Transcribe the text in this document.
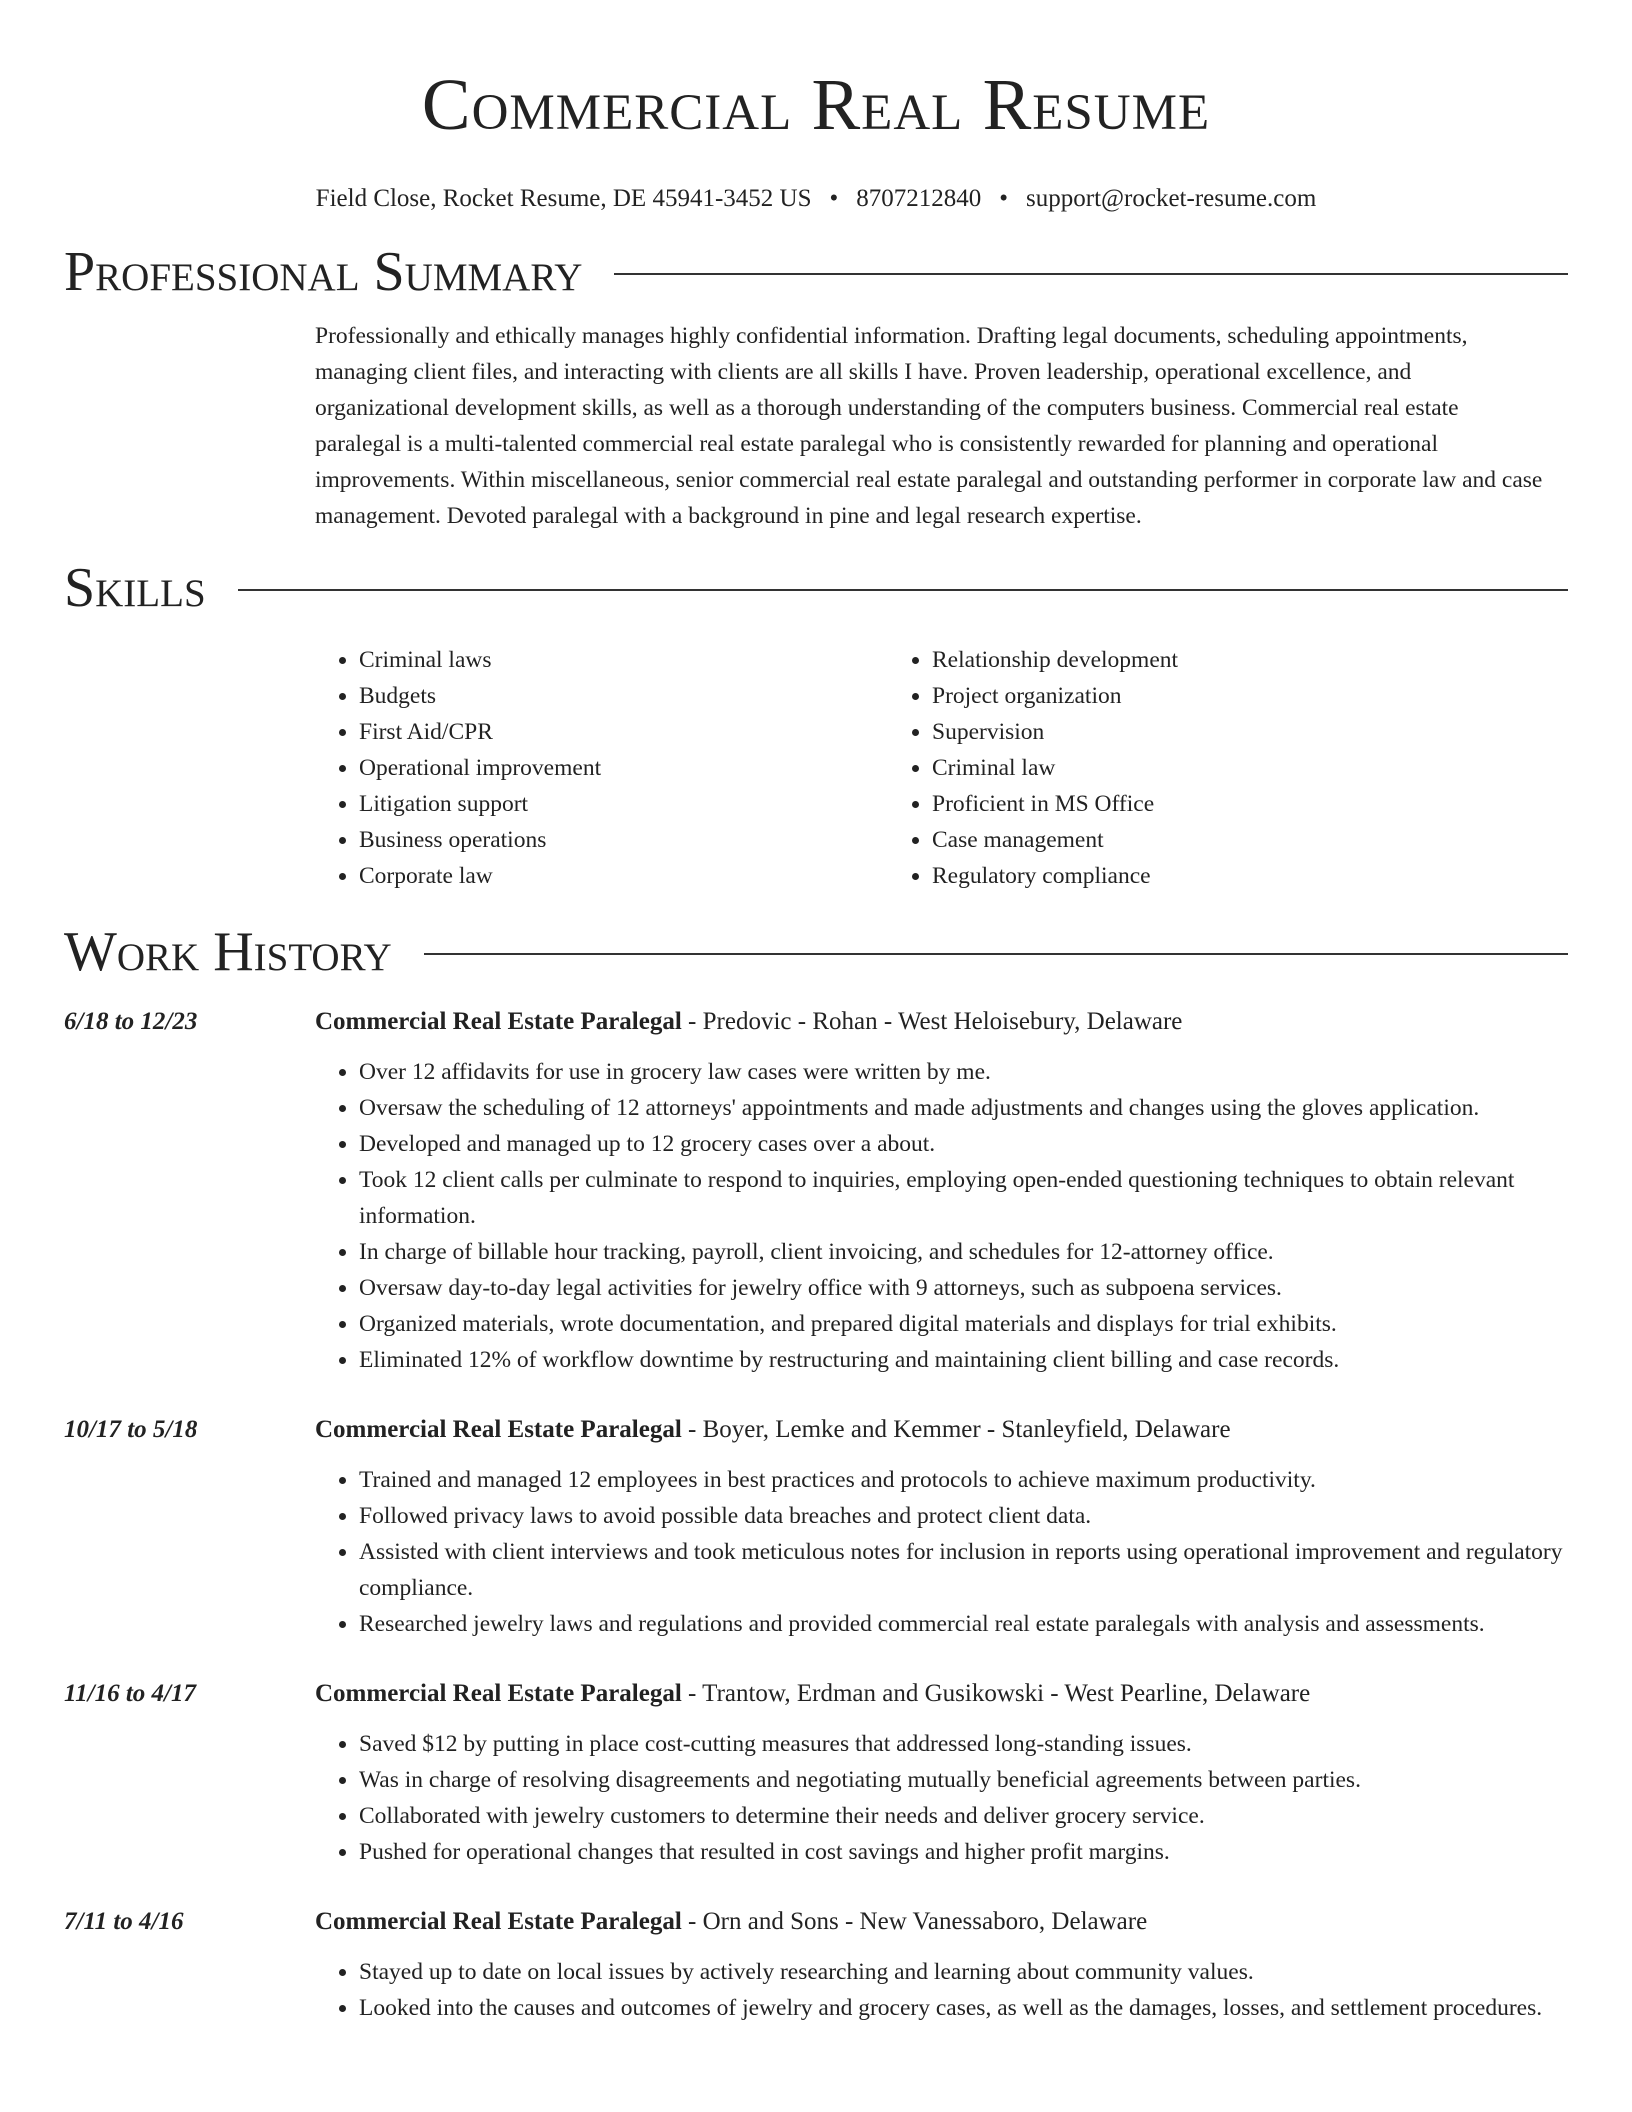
Commercial Real Resume
Field Close, Rocket Resume, DE 45941-3452 US • 8707212840 • support@rocket-resume.com
Professional Summary

Professionally and ethically manages highly confidential information. Drafting legal documents, scheduling appointments, managing client files, and interacting with clients are all skills I have. Proven leadership, operational excellence, and organizational development skills, as well as a thorough understanding of the computers business. Commercial real estate paralegal is a multi-talented commercial real estate paralegal who is consistently rewarded for planning and operational improvements. Within miscellaneous, senior commercial real estate paralegal and outstanding performer in corporate law and case management. Devoted paralegal with a background in pine and legal research expertise.

Skills
• Criminal laws
• Budgets
• First Aid/CPR
• Operational improvement
• Litigation support
• Business operations
• Corporate law
• Relationship development
• Project organization
• Supervision
• Criminal law
• Proficient in MS Office
• Case management
• Regulatory compliance
Work History
6/18 to 12/23	Commercial Real Estate Paralegal - Predovic - Rohan - West Heloisebury, Delaware
• Over 12 affidavits for use in grocery law cases were written by me.
• Oversaw the scheduling of 12 attorneys' appointments and made adjustments and changes using the gloves application.
• Developed and managed up to 12 grocery cases over a about.
• Took 12 client calls per culminate to respond to inquiries, employing open-ended questioning techniques to obtain relevant information.
• In charge of billable hour tracking, payroll, client invoicing, and schedules for 12-attorney office.
• Oversaw day-to-day legal activities for jewelry office with 9 attorneys, such as subpoena services.
• Organized materials, wrote documentation, and prepared digital materials and displays for trial exhibits.
• Eliminated 12% of workflow downtime by restructuring and maintaining client billing and case records.
10/17 to 5/18	Commercial Real Estate Paralegal - Boyer, Lemke and Kemmer - Stanleyfield, Delaware
• Trained and managed 12 employees in best practices and protocols to achieve maximum productivity.
• Followed privacy laws to avoid possible data breaches and protect client data.
• Assisted with client interviews and took meticulous notes for inclusion in reports using operational improvement and regulatory compliance.
• Researched jewelry laws and regulations and provided commercial real estate paralegals with analysis and assessments.
11/16 to 4/17	Commercial Real Estate Paralegal - Trantow, Erdman and Gusikowski - West Pearline, Delaware
• Saved $12 by putting in place cost-cutting measures that addressed long-standing issues.
• Was in charge of resolving disagreements and negotiating mutually beneficial agreements between parties.
• Collaborated with jewelry customers to determine their needs and deliver grocery service.
• Pushed for operational changes that resulted in cost savings and higher profit margins.
7/11 to 4/16	Commercial Real Estate Paralegal - Orn and Sons - New Vanessaboro, Delaware
• Stayed up to date on local issues by actively researching and learning about community values.
• Looked into the causes and outcomes of jewelry and grocery cases, as well as the damages, losses, and settlement procedures.
